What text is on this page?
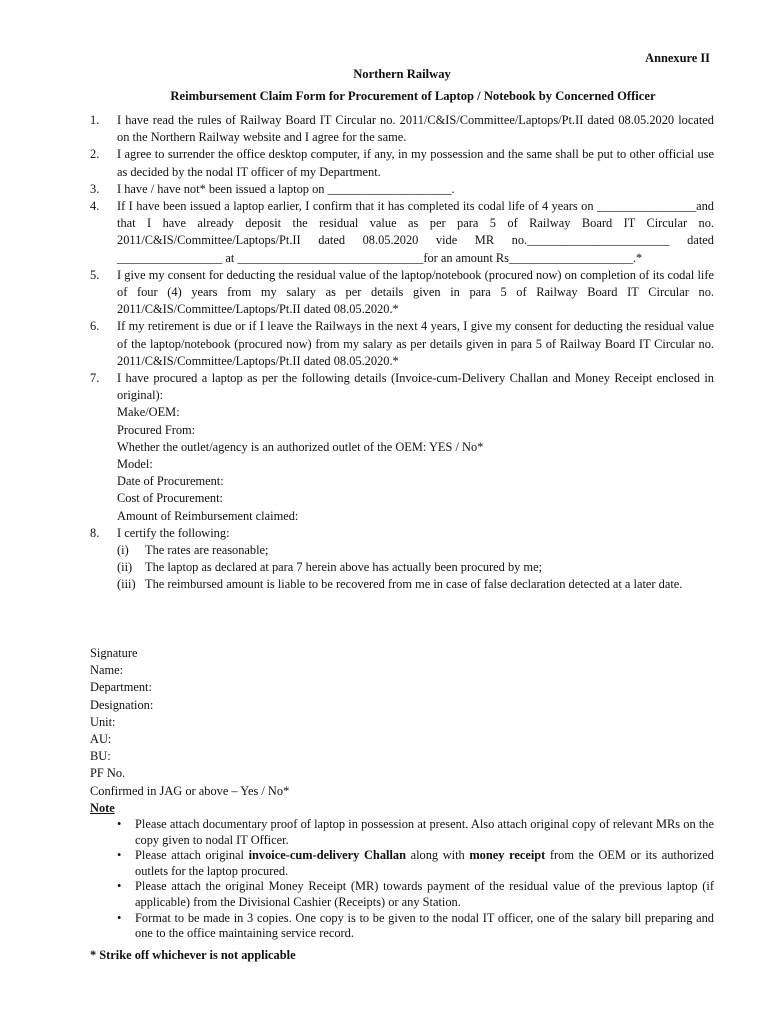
Annexure II
Northern Railway
Reimbursement Claim Form for Procurement of Laptop / Notebook by Concerned Officer
1. I have read the rules of Railway Board IT Circular no. 2011/C&IS/Committee/Laptops/Pt.II dated 08.05.2020 located on the Northern Railway website and I agree for the same.
2. I agree to surrender the office desktop computer, if any, in my possession and the same shall be put to other official use as decided by the nodal IT officer of my Department.
3. I have / have not* been issued a laptop on ____________________.
4. If I have been issued a laptop earlier, I confirm that it has completed its codal life of 4 years on ________________and that I have already deposit the residual value as per para 5 of Railway Board IT Circular no. 2011/C&IS/Committee/Laptops/Pt.II dated 08.05.2020 vide MR no._______________________ dated _________________ at ______________________________for an amount Rs____________________.*
5. I give my consent for deducting the residual value of the laptop/notebook (procured now) on completion of its codal life of four (4) years from my salary as per details given in para 5 of Railway Board IT Circular no. 2011/C&IS/Committee/Laptops/Pt.II dated 08.05.2020.*
6. If my retirement is due or if I leave the Railways in the next 4 years, I give my consent for deducting the residual value of the laptop/notebook (procured now) from my salary as per details given in para 5 of Railway Board IT Circular no. 2011/C&IS/Committee/Laptops/Pt.II dated 08.05.2020.*
7. I have procured a laptop as per the following details (Invoice-cum-Delivery Challan and Money Receipt enclosed in original):
Make/OEM:
Procured From:
Whether the outlet/agency is an authorized outlet of the OEM: YES / No*
Model:
Date of Procurement:
Cost of Procurement:
Amount of Reimbursement claimed:
8. I certify the following:
(i) The rates are reasonable;
(ii) The laptop as declared at para 7 herein above has actually been procured by me;
(iii) The reimbursed amount is liable to be recovered from me in case of false declaration detected at a later date.
Signature
Name:
Department:
Designation:
Unit:
AU:
BU:
PF No.
Confirmed in JAG or above – Yes / No*
Note
• Please attach documentary proof of laptop in possession at present. Also attach original copy of relevant MRs on the copy given to nodal IT Officer.
• Please attach original invoice-cum-delivery Challan along with money receipt from the OEM or its authorized outlets for the laptop procured.
• Please attach the original Money Receipt (MR) towards payment of the residual value of the previous laptop (if applicable) from the Divisional Cashier (Receipts) or any Station.
• Format to be made in 3 copies. One copy is to be given to the nodal IT officer, one of the salary bill preparing and one to the office maintaining service record.
* Strike off whichever is not applicable
